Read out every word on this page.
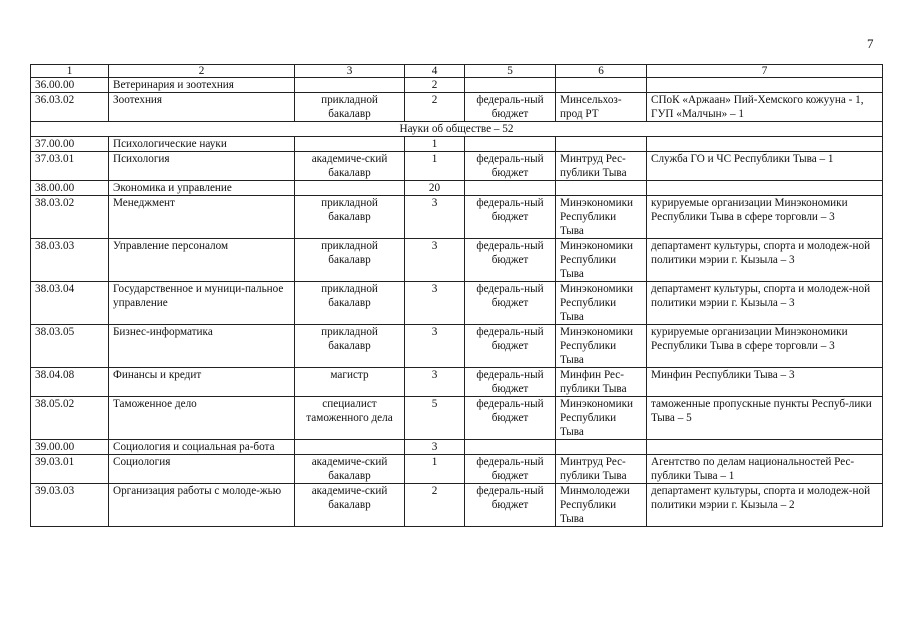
7
1	2	3	4	5	6	7
36.00.00	Ветеринария и зоотехния		2			
36.03.02	Зоотехния	прикладной бакалавр	2	федераль-ный бюджет	Минсельхоз-прод РТ	СПоК «Аржаан» Пий-Хемского кожууна - 1, ГУП «Малчын» – 1
Науки об обществе – 52						
37.00.00	Психологические науки		1			
37.03.01	Психология	академиче-ский бакалавр	1	федераль-ный бюджет	Минтруд Рес-публики Тыва	Служба ГО и ЧС Республики Тыва – 1
38.00.00	Экономика и управление		20			
38.03.02	Менеджмент	прикладной бакалавр	3	федераль-ный бюджет	Минэкономики Республики Тыва	курируемые организации Минэкономики Республики Тыва в сфере торговли – 3
38.03.03	Управление персоналом	прикладной бакалавр	3	федераль-ный бюджет	Минэкономики Республики Тыва	департамент культуры, спорта и молодеж-ной политики мэрии г. Кызыла – 3
38.03.04	Государственное и муници-пальное управление	прикладной бакалавр	3	федераль-ный бюджет	Минэкономики Республики Тыва	департамент культуры, спорта и молодеж-ной политики мэрии г. Кызыла – 3
38.03.05	Бизнес-информатика	прикладной бакалавр	3	федераль-ный бюджет	Минэкономики Республики Тыва	курируемые организации Минэкономики Республики Тыва в сфере торговли – 3
38.04.08	Финансы и кредит	магистр	3	федераль-ный бюджет	Минфин Рес-публики Тыва	Минфин Республики Тыва – 3
38.05.02	Таможенное дело	специалист таможенного дела	5	федераль-ный бюджет	Минэкономики Республики Тыва	таможенные пропускные пункты Респуб-лики Тыва – 5
39.00.00	Социология и социальная ра-бота		3			
39.03.01	Социология	академиче-ский бакалавр	1	федераль-ный бюджет	Минтруд Рес-публики Тыва	Агентство по делам национальностей Рес-публики Тыва – 1
39.03.03	Организация работы с молоде-жью	академиче-ский бакалавр	2	федераль-ный бюджет	Минмолодежи Республики Тыва	департамент культуры, спорта и молодеж-ной политики мэрии г. Кызыла – 2
